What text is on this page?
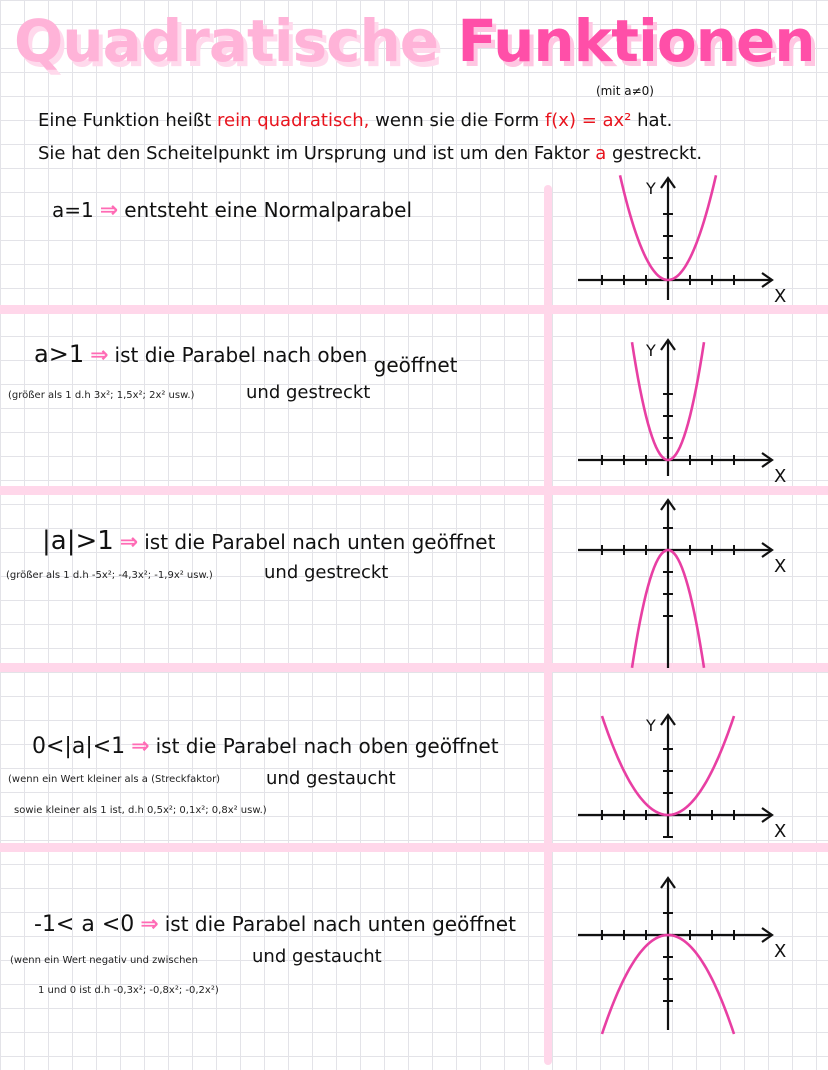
Quadratische Funktionen
(mit a≠0)
Eine Funktion heißt rein quadratisch, wenn sie die Form f(x) = ax² hat.
Sie hat den Scheitelpunkt im Ursprung und ist um den Faktor a gestreckt.
a=1 ⇒ entsteht eine Normalparabel
a>1 ⇒ ist die Parabel nach oben geöffnet
(größer als 1 d.h 3x²; 1,5x²; 2x² usw.)	und gestreckt
|a|>1 ⇒ ist die Parabel nach unten geöffnet
(größer als 1 d.h -5x²; -4,3x²; -1,9x² usw.)	und gestreckt
0<|a|<1 ⇒ ist die Parabel nach oben geöffnet
(wenn ein Wert kleiner als a (Streckfaktor)
sowie kleiner als 1 ist, d.h 0,5x²; 0,1x²; 0,8x² usw.)
und gestaucht
-1< a <0 ⇒ ist die Parabel nach unten geöffnet
(wenn ein Wert negativ und zwischen
1 und 0 ist d.h -0,3x²; -0,8x²; -0,2x²)
und gestaucht
X
Y
X
Y
X
X
Y
X
